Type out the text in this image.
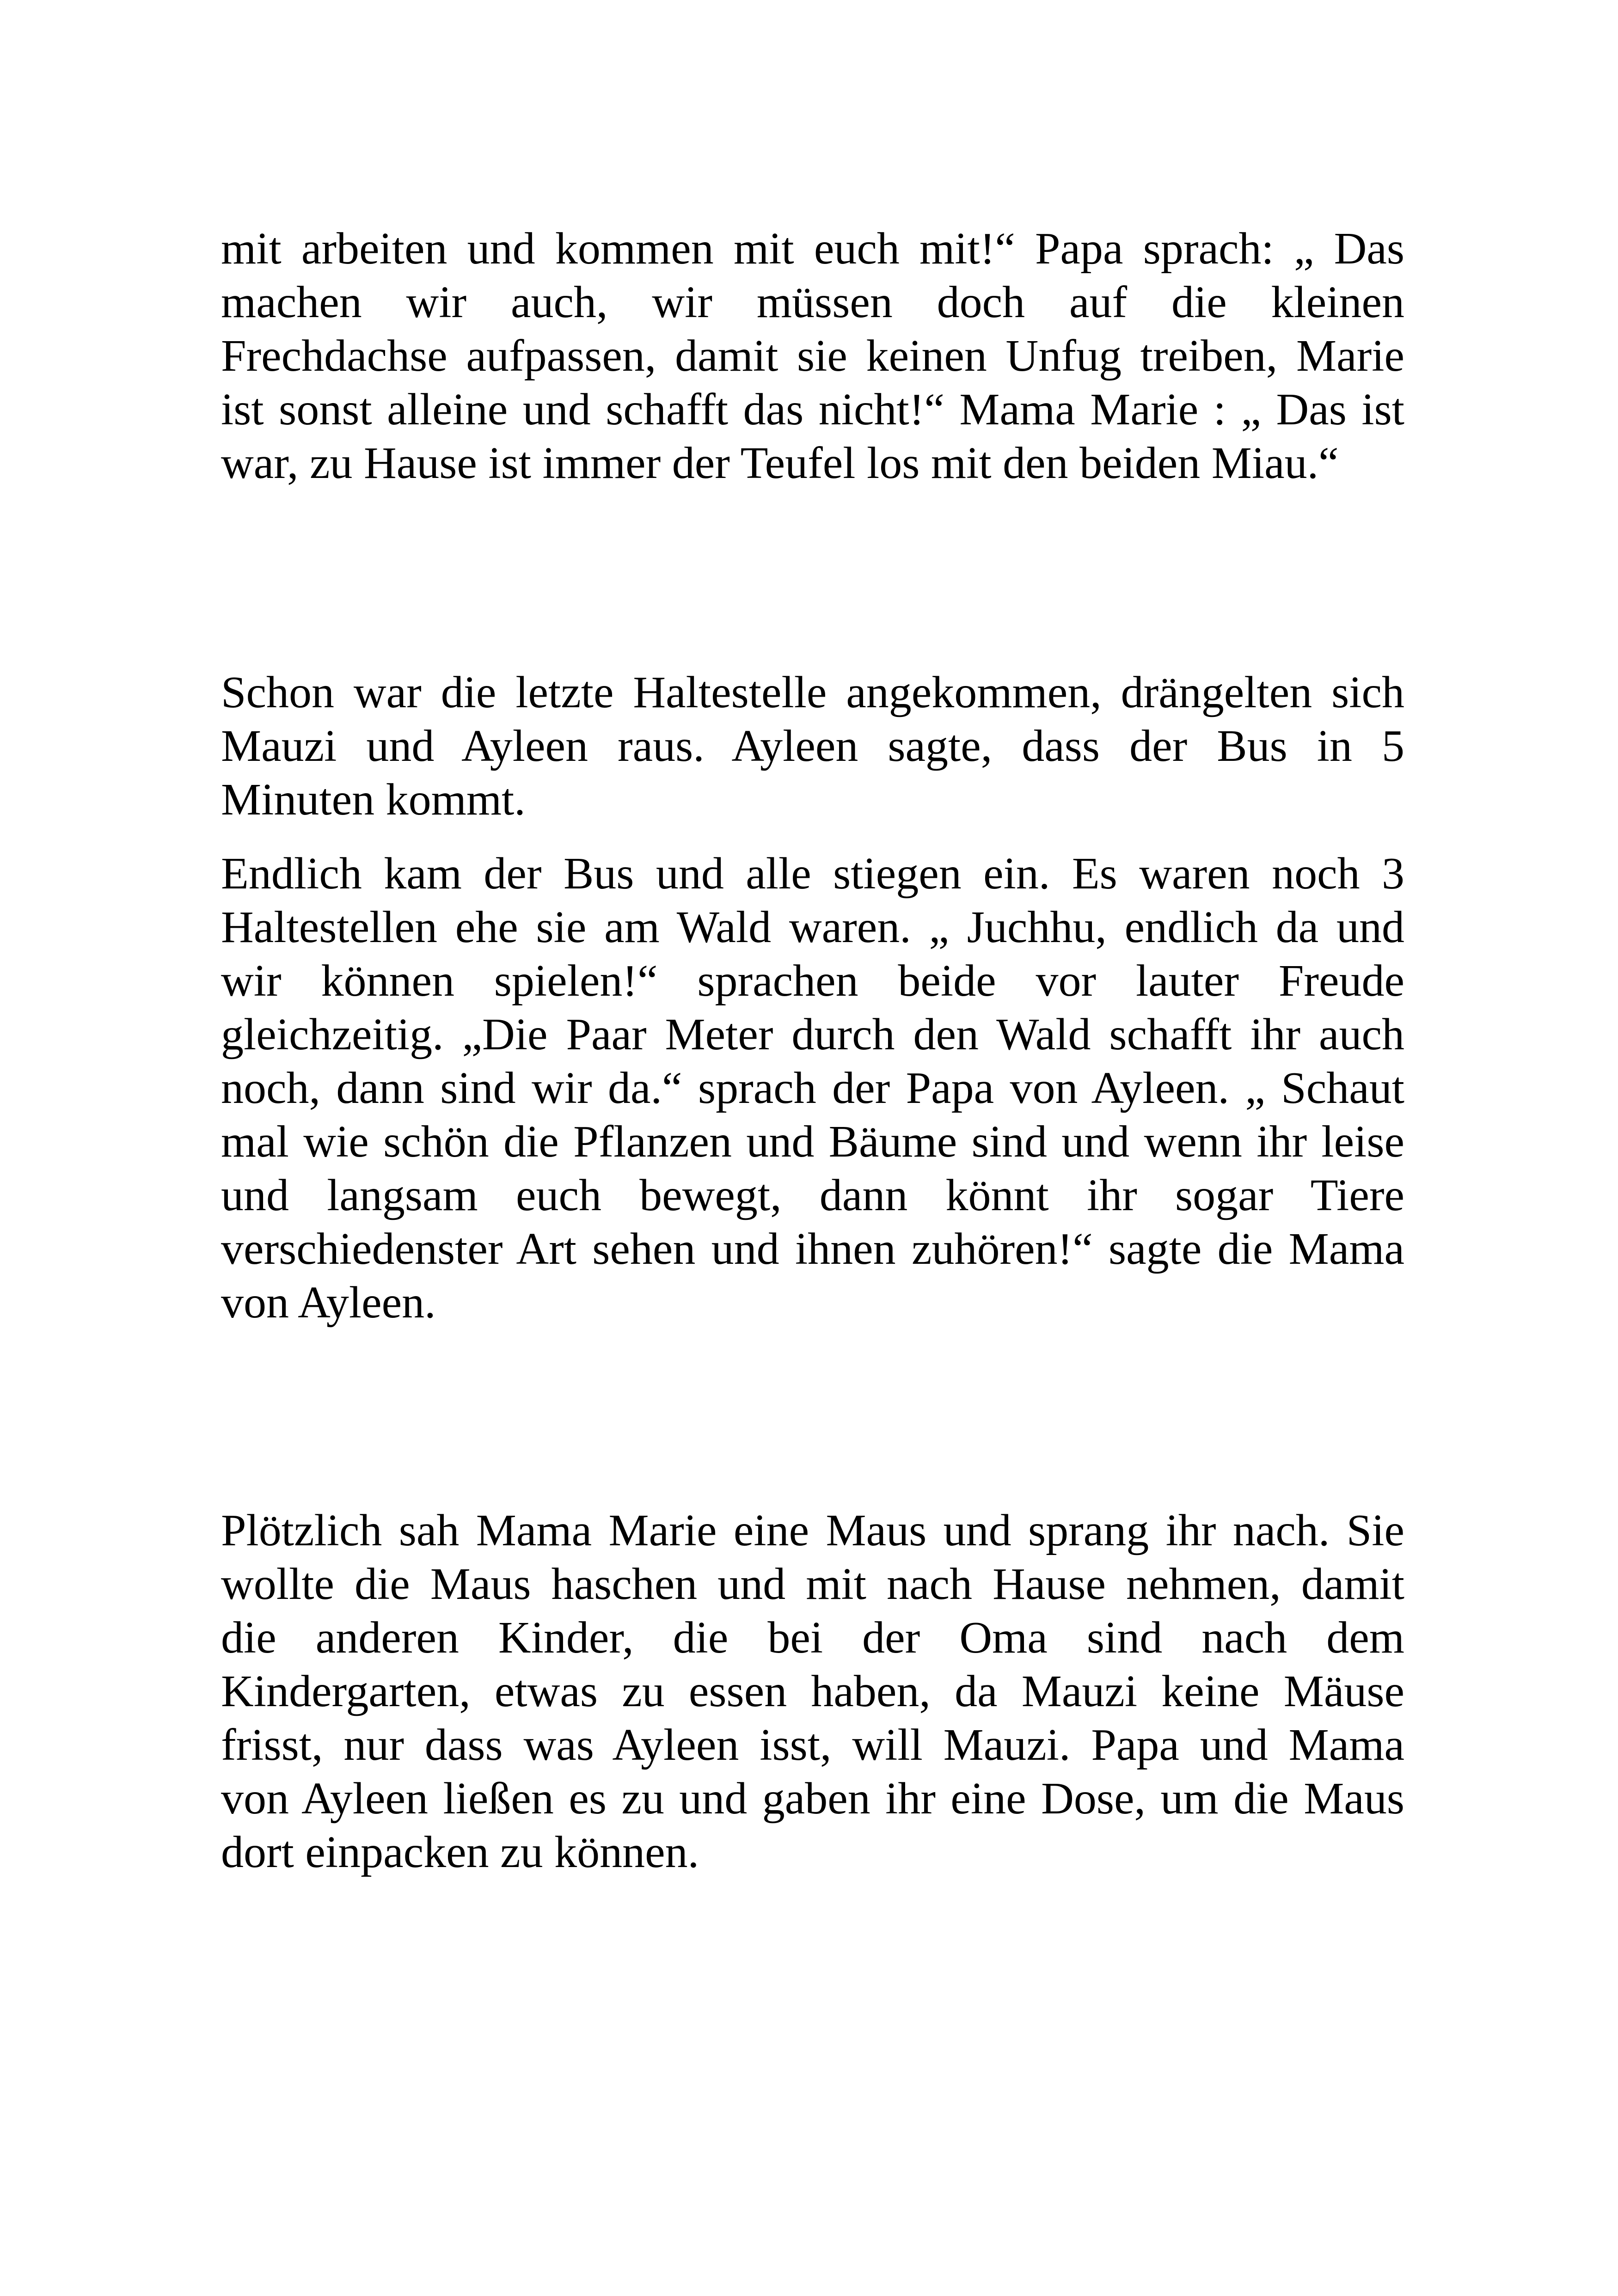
mit arbeiten und kommen mit euch mit!“ Papa sprach: „ Das
machen wir auch, wir müssen doch auf die kleinen
Frechdachse aufpassen, damit sie keinen Unfug treiben, Marie
ist sonst alleine und schafft das nicht!“ Mama Marie : „ Das ist
war, zu Hause ist immer der Teufel los mit den beiden Miau.“

Schon war die letzte Haltestelle angekommen, drängelten sich
Mauzi und Ayleen raus. Ayleen sagte, dass der Bus in 5
Minuten kommt.

Endlich kam der Bus und alle stiegen ein. Es waren noch 3
Haltestellen ehe sie am Wald waren. „ Juchhu, endlich da und
wir können spielen!“ sprachen beide vor lauter Freude
gleichzeitig. „Die Paar Meter durch den Wald schafft ihr auch
noch, dann sind wir da.“ sprach der Papa von Ayleen. „ Schaut
mal wie schön die Pflanzen und Bäume sind und wenn ihr leise
und langsam euch bewegt, dann könnt ihr sogar Tiere
verschiedenster Art sehen und ihnen zuhören!“ sagte die Mama
von Ayleen.

Plötzlich sah Mama Marie eine Maus und sprang ihr nach. Sie
wollte die Maus haschen und mit nach Hause nehmen, damit
die anderen Kinder, die bei der Oma sind nach dem
Kindergarten, etwas zu essen haben, da Mauzi keine Mäuse
frisst, nur dass was Ayleen isst, will Mauzi. Papa und Mama
von Ayleen ließen es zu und gaben ihr eine Dose, um die Maus
dort einpacken zu können.
